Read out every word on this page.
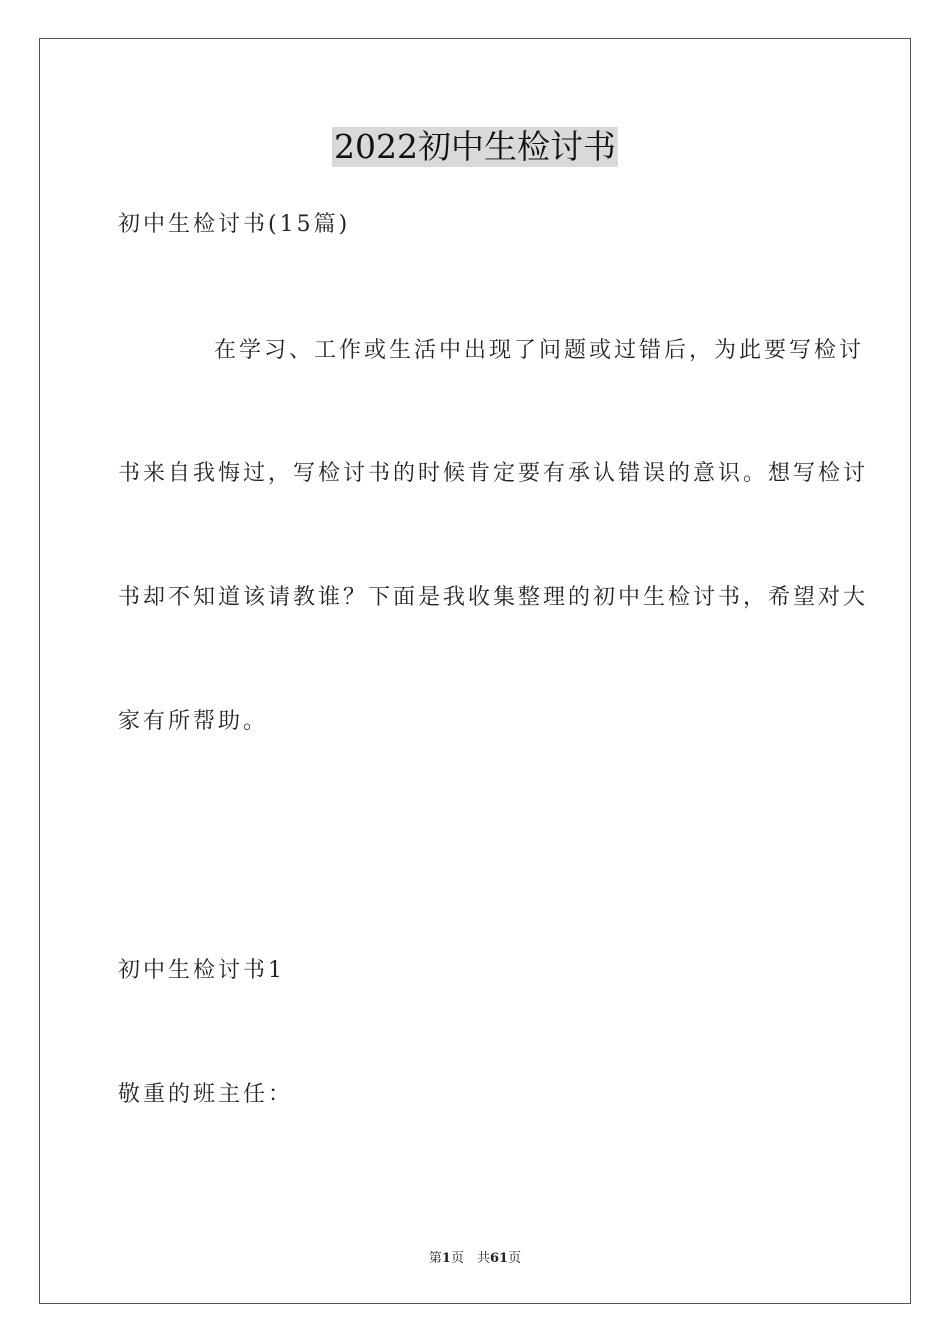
2022初中生检讨书
初中生检讨书(15篇)
在学习、工作或生活中出现了问题或过错后，为此要写检讨
书来自我悔过，写检讨书的时候肯定要有承认错误的意识。想写检讨
书却不知道该请教谁？下面是我收集整理的初中生检讨书，希望对大
家有所帮助。
初中生检讨书1
敬重的班主任：
第1页　共61页
